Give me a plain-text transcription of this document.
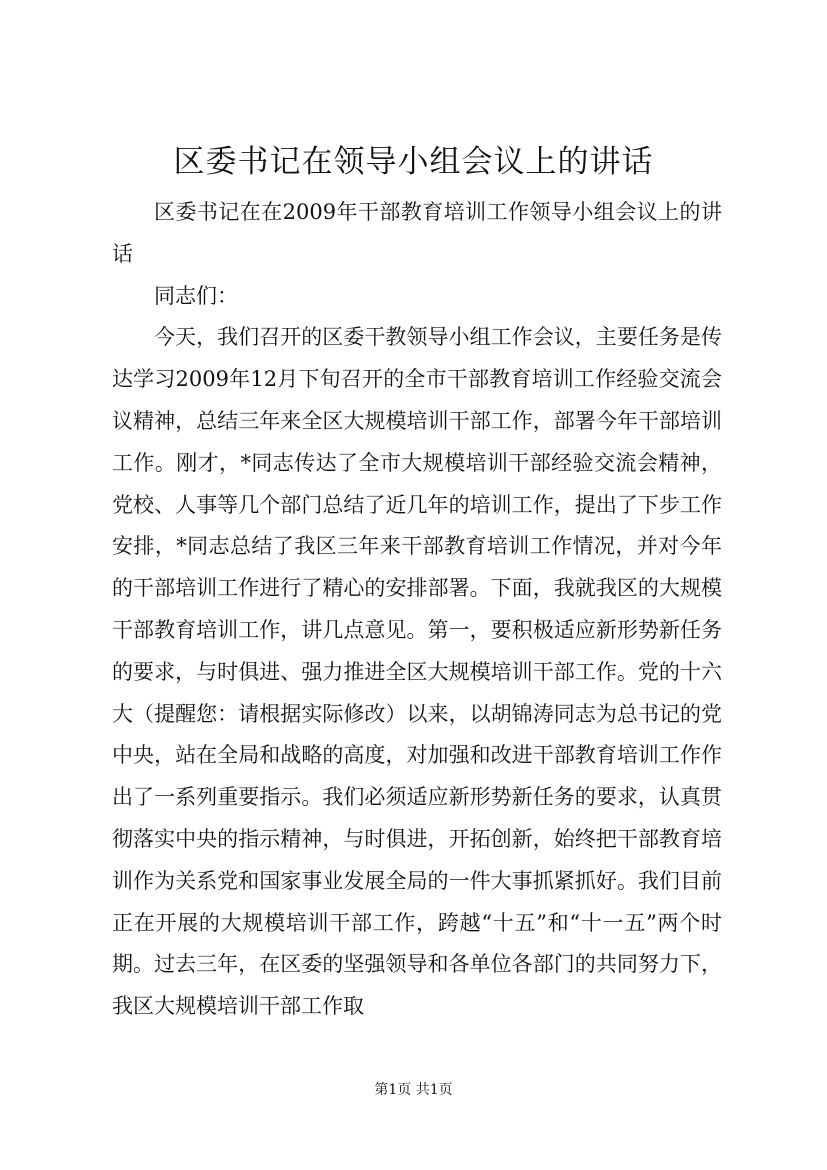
区委书记在领导小组会议上的讲话

区委书记在在2009年干部教育培训工作领导小组会议上的讲话

同志们：

今天，我们召开的区委干教领导小组工作会议，主要任务是传达学习2009年12月下旬召开的全市干部教育培训工作经验交流会议精神，总结三年来全区大规模培训干部工作，部署今年干部培训工作。刚才，*同志传达了全市大规模培训干部经验交流会精神，党校、人事等几个部门总结了近几年的培训工作，提出了下步工作安排，*同志总结了我区三年来干部教育培训工作情况，并对今年的干部培训工作进行了精心的安排部署。下面，我就我区的大规模干部教育培训工作，讲几点意见。第一，要积极适应新形势新任务的要求，与时俱进、强力推进全区大规模培训干部工作。党的十六大（提醒您：请根据实际修改）以来，以胡锦涛同志为总书记的党中央，站在全局和战略的高度，对加强和改进干部教育培训工作作出了一系列重要指示。我们必须适应新形势新任务的要求，认真贯彻落实中央的指示精神，与时俱进，开拓创新，始终把干部教育培训作为关系党和国家事业发展全局的一件大事抓紧抓好。我们目前正在开展的大规模培训干部工作，跨越“十五”和“十一五”两个时期。过去三年，在区委的坚强领导和各单位各部门的共同努力下，我区大规模培训干部工作取

第1页 共1页
